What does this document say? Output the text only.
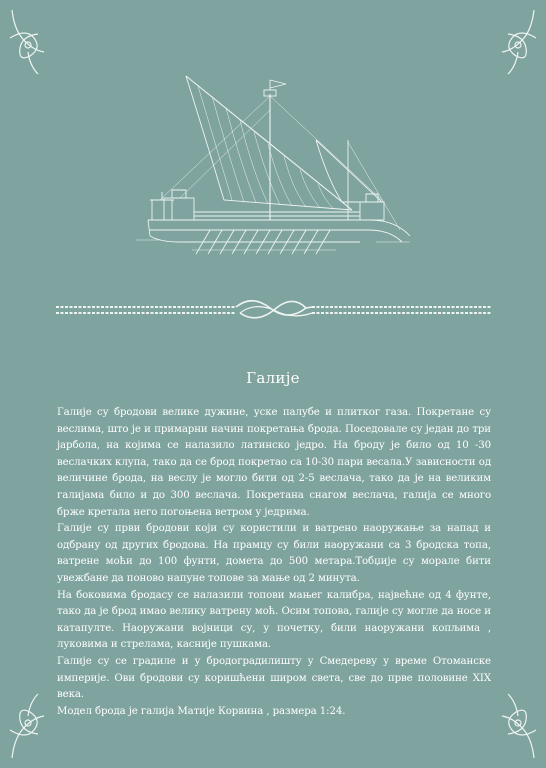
Галије

Галије су бродови велике дужине, уске палубе и плитког газа. Покретане су веслима, што је и примарни начин покретања брода. Поседовале су један до три јарбола, на којима се налазило латинско једро. На броду је било од 10 -30 веслачких клупа, тако да се брод покретао са 10-30 пари весала.У зависности од величине брода, на веслу је могло бити од 2-5 веслача, тако да је на великим галијама било и до 300 веслача. Покретана снагом веслача, галија се много брже кретала него погоњена ветром у једрима.

Галије су први бродови који су користили и ватрено наоружање за напад и одбрану од других бродова. На прамцу су били наоружани са 3 бродска топа, ватрене моћи до 100 фунти, домета до 500 метара.Тобџије су морале бити увежбане да поново напуне топове за мање од 2 минута.

На боковима бродасу се налазили топови мањег калибра, највећне од 4 фунте, тако да је брод имао велику ватрену моћ. Осим топова, галије су могле да носе и катапулте. Наоружани војници су, у почетку, били наоружани копљима , луковима и стрелама, касније пушкама.

Галије су се градиле и у бродоградилишту у Смедереву у време Отоманске империје. Ови бродови су коришћени широм света, све до прве половине XIX века.

Модел брода је галија Матије Корвина , размера 1:24.
